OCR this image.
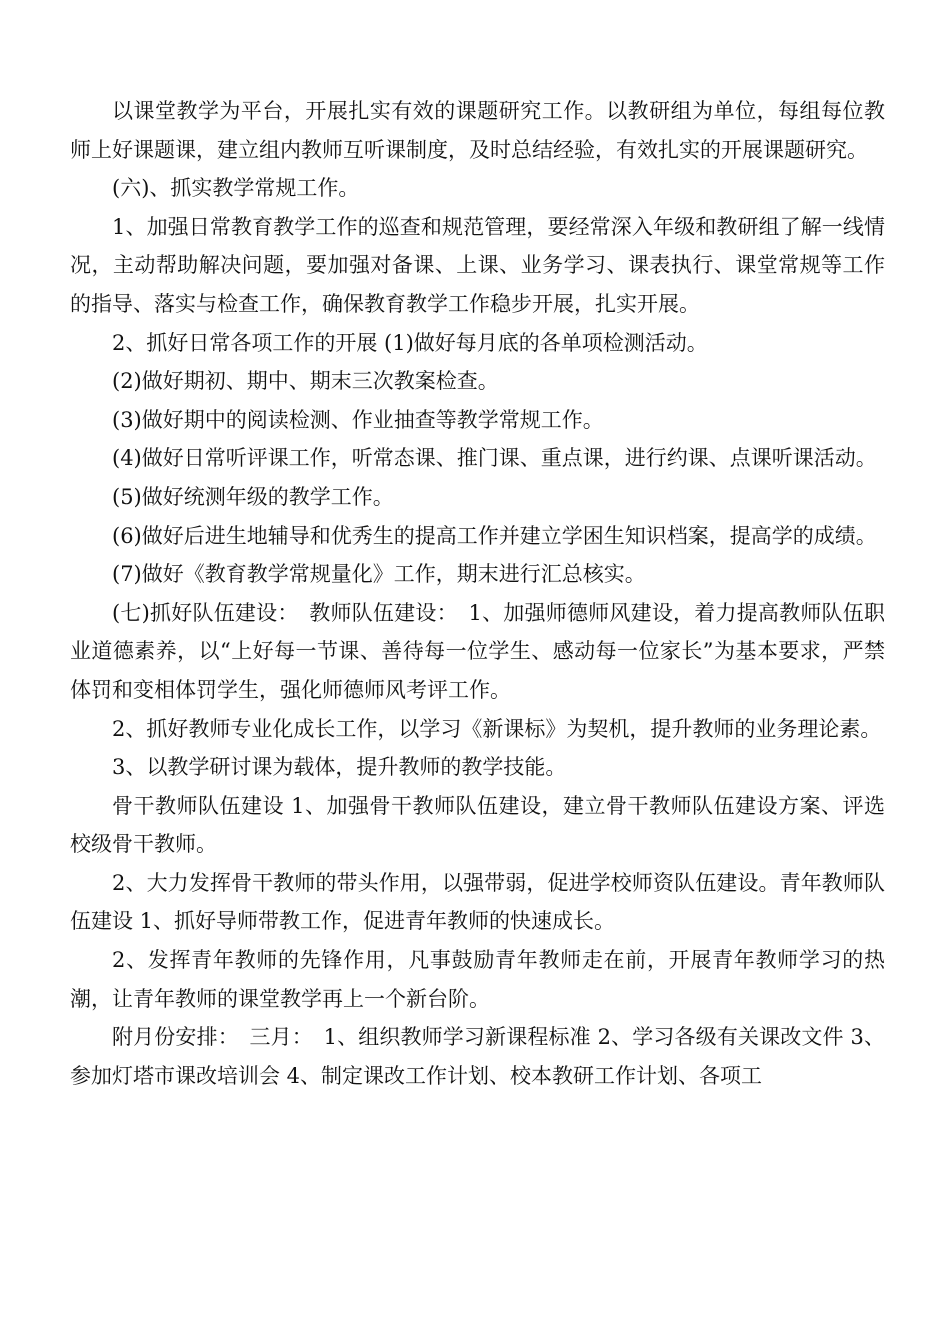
以课堂教学为平台，开展扎实有效的课题研究工作。以教研组为单位，每组每位教师上好课题课，建立组内教师互听课制度，及时总结经验，有效扎实的开展课题研究。

(六)、抓实教学常规工作。

1、加强日常教育教学工作的巡查和规范管理，要经常深入年级和教研组了解一线情况，主动帮助解决问题，要加强对备课、上课、业务学习、课表执行、课堂常规等工作的指导、落实与检查工作，确保教育教学工作稳步开展，扎实开展。

2、抓好日常各项工作的开展 (1)做好每月底的各单项检测活动。

(2)做好期初、期中、期末三次教案检查。

(3)做好期中的阅读检测、作业抽查等教学常规工作。

(4)做好日常听评课工作，听常态课、推门课、重点课，进行约课、点课听课活动。

(5)做好统测年级的教学工作。

(6)做好后进生地辅导和优秀生的提高工作并建立学困生知识档案，提高学的成绩。

(7)做好《教育教学常规量化》工作，期末进行汇总核实。

(七)抓好队伍建设：　教师队伍建设：　1、加强师德师风建设，着力提高教师队伍职业道德素养，以“上好每一节课、善待每一位学生、感动每一位家长”为基本要求，严禁体罚和变相体罚学生，强化师德师风考评工作。

2、抓好教师专业化成长工作，以学习《新课标》为契机，提升教师的业务理论素。

3、以教学研讨课为载体，提升教师的教学技能。

骨干教师队伍建设 1、加强骨干教师队伍建设，建立骨干教师队伍建设方案、评选校级骨干教师。

2、大力发挥骨干教师的带头作用，以强带弱，促进学校师资队伍建设。青年教师队伍建设 1、抓好导师带教工作，促进青年教师的快速成长。

2、发挥青年教师的先锋作用，凡事鼓励青年教师走在前，开展青年教师学习的热潮，让青年教师的课堂教学再上一个新台阶。

附月份安排：　三月：　1、组织教师学习新课程标准 2、学习各级有关课改文件 3、参加灯塔市课改培训会 4、制定课改工作计划、校本教研工作计划、各项工
